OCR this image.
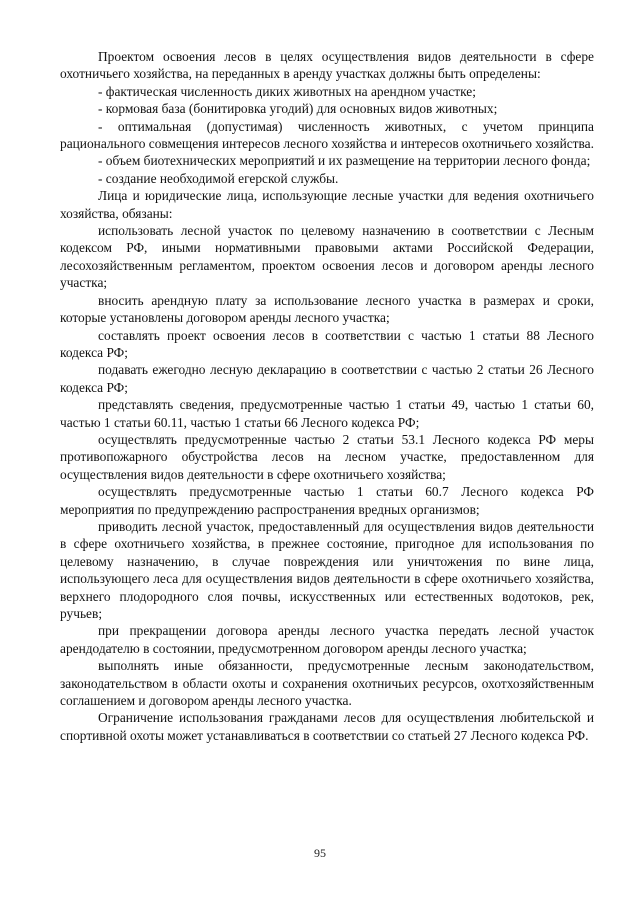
Проектом освоения лесов в целях осуществления видов деятельности в сфере охотничьего хозяйства, на переданных в аренду участках должны быть определены:

- фактическая численность диких животных на арендном участке;

- кормовая база (бонитировка угодий) для основных видов животных;

- оптимальная (допустимая) численность животных, с учетом принципа рационального совмещения интересов лесного хозяйства и интересов охотничьего хозяйства.

- объем биотехнических мероприятий и их размещение на территории лесного фонда;

- создание необходимой егерской службы.

Лица и юридические лица, использующие лесные участки для ведения охотничьего хозяйства, обязаны:

использовать лесной участок по целевому назначению в соответствии с Лесным кодексом РФ, иными нормативными правовыми актами Российской Федерации, лесохозяйственным регламентом, проектом освоения лесов и договором аренды лесного участка;

вносить арендную плату за использование лесного участка в размерах и сроки, которые установлены договором аренды лесного участка;

составлять проект освоения лесов в соответствии с частью 1 статьи 88 Лесного кодекса РФ;

подавать ежегодно лесную декларацию в соответствии с частью 2 статьи 26 Лесного кодекса РФ;

представлять сведения, предусмотренные частью 1 статьи 49, частью 1 статьи 60, частью 1 статьи 60.11, частью 1 статьи 66 Лесного кодекса РФ;

осуществлять предусмотренные частью 2 статьи 53.1 Лесного кодекса РФ меры противопожарного обустройства лесов на лесном участке, предоставленном для осуществления видов деятельности в сфере охотничьего хозяйства;

осуществлять предусмотренные частью 1 статьи 60.7 Лесного кодекса РФ мероприятия по предупреждению распространения вредных организмов;

приводить лесной участок, предоставленный для осуществления видов деятельности в сфере охотничьего хозяйства, в прежнее состояние, пригодное для использования по целевому назначению, в случае повреждения или уничтожения по вине лица, использующего леса для осуществления видов деятельности в сфере охотничьего хозяйства, верхнего плодородного слоя почвы, искусственных или естественных водотоков, рек, ручьев;

при прекращении договора аренды лесного участка передать лесной участок арендодателю в состоянии, предусмотренном договором аренды лесного участка;

выполнять иные обязанности, предусмотренные лесным законодательством, законодательством в области охоты и сохранения охотничьих ресурсов, охотхозяйственным соглашением и договором аренды лесного участка.

Ограничение использования гражданами лесов для осуществления любительской и спортивной охоты может устанавливаться в соответствии со статьей 27 Лесного кодекса РФ.

95
